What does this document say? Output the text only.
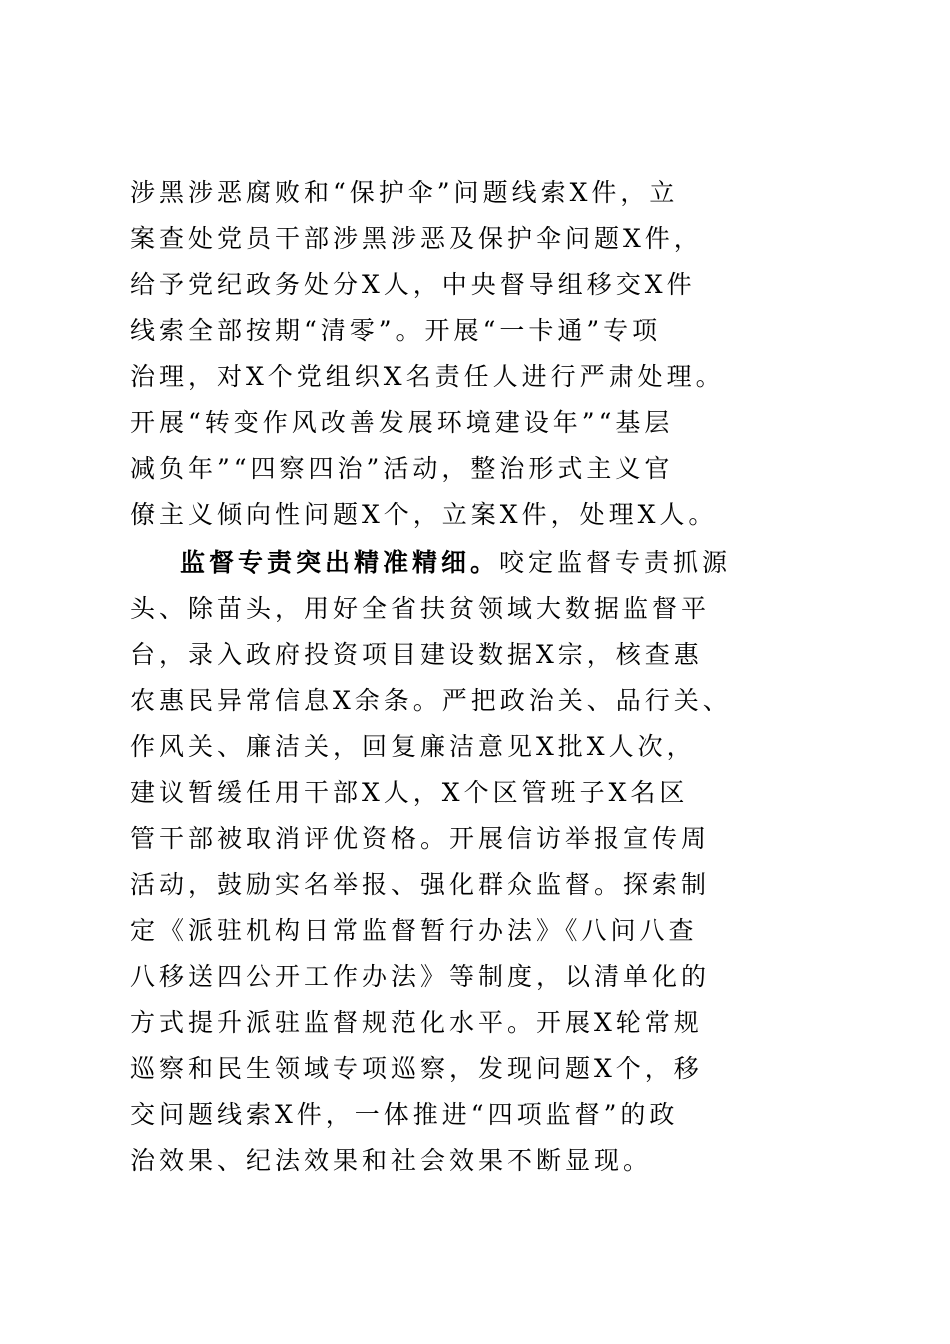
涉黑涉恶腐败和“保护伞”问题线索X件，立
案查处党员干部涉黑涉恶及保护伞问题X件，
给予党纪政务处分X人，中央督导组移交X件
线索全部按期“清零”。开展“一卡通”专项
治理，对X个党组织X名责任人进行严肃处理。
开展“转变作风改善发展环境建设年”“基层
减负年”“四察四治”活动，整治形式主义官
僚主义倾向性问题X个，立案X件，处理X人。
监督专责突出精准精细。咬定监督专责抓源
头、除苗头，用好全省扶贫领域大数据监督平
台，录入政府投资项目建设数据X宗，核查惠
农惠民异常信息X余条。严把政治关、品行关、
作风关、廉洁关，回复廉洁意见X批X人次，
建议暂缓任用干部X人，X个区管班子X名区
管干部被取消评优资格。开展信访举报宣传周
活动，鼓励实名举报、强化群众监督。探索制
定《派驻机构日常监督暂行办法》《八问八查
八移送四公开工作办法》等制度，以清单化的
方式提升派驻监督规范化水平。开展X轮常规
巡察和民生领域专项巡察，发现问题X个，移
交问题线索X件，一体推进“四项监督”的政
治效果、纪法效果和社会效果不断显现。
